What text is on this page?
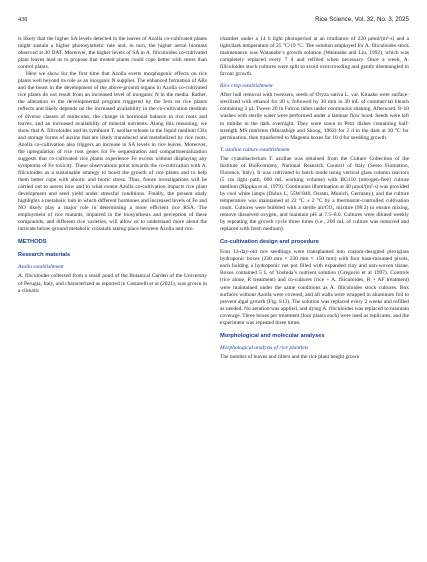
438	Rice Science, Vol. 32, No. 3, 2025

is likely that the higher SA levels detected in the leaves of Azolla co-cultivated plants might sustain a higher photosynthetic rate and, in turn, the higher aerial biomass observed at 30 DAT. Moreover, the higher levels of SA in A. filiculoides co-cultivated plant leaves lead us to propose that treated plants could cope better with stress than control plants.

Here we show for the first time that Azolla exerts morphogenic effects on rice plants well beyond its role as an inorganic N supplier. The enhanced formation of ARs and the boost in the development of the above-ground organs in Azolla co-cultivated rice plants do not result from an increased level of inorganic N in the media. Rather, the alteration in the developmental program triggered by the fern on rice plants reflects and likely depends on the increased availability in the co-cultivation medium of diverse classes of molecules, the change in hormonal balance in rice roots and leaves, and an increased availability of mineral nutrients. Along this reasoning, we show that A. filiculoides and its symbiont T. azollae release in the liquid medium CKs and storage forms of auxins that are likely transduced and metabolized by rice roots. Azolla co-cultivation also triggers an increase in SA levels in rice leaves. Moreover, the upregulation of rice root genes for Fe sequestration and compartmentalization suggests that co-cultivated rice plants experience Fe excess without displaying any symptoms of Fe toxicity. These observations point towards the co-cultivation with A. filiculoides as a sustainable strategy to boost the growth of rice plants and to help them better cope with abiotic and biotic stress. Thus, future investigations will be carried out to assess how and to what extent Azolla co-cultivation impacts rice plant development and seed yield under stressful conditions. Finally, the present study highlights a metabolic hub in which different hormones and increased levels of Fe and NO likely play a major role in determining a more efficient rice RSA. The employment of rice mutants, impaired in the biosynthesis and perception of these compounds, and different rice varieties, will allow us to understand more about the intricate below-ground metabolic crosstalk taking place between Azolla and rice.

METHODS
Research materials
Azolla establishment

A. filiculoides collected from a small pond of the Botanical Garden of the University of Perugia, Italy, and characterized as reported in Costarelli et al (2021), was grown in a climatic

chamber under a 14 h light photoperiod at an irradiance of 220 μmol/(m²·s) and a light/dark temperature of 25 °C/19 °C. The solution employed for A. filiculoides stock maintenance was Watanabe’s growth solution (Watanabe and Liu, 1992), which was completely replaced every 7 d and refilled when necessary. Once a week, A. filiculoides stock cultures were split to avoid overcrowding and gently disentangled to favour growth.

Rice crop establishment

After hull removal with tweezers, seeds of Oryza sativa L. var. Kitaake were surface-sterilized with ethanol for 30 s, followed by 30 min in 30 mL of commercial bleach containing 2 μL Tween 20 in Falcon tubes under continuous shaking. Afterward, 8–10 washes with sterile water were performed under a laminar flow hood. Seeds were left to imbibe in the dark overnight. They were sown in Petri dishes containing half-strength MS nutrients (Murashige and Skoog, 1962) for 2 d in the dark at 30 °C for germination, then transferred to Magenta boxes for 10 d for seedling growth.

T. azollae culture establishment

The cyanobacterium T. azollae was obtained from the Culture Collection of the Institute of BioEconomy, National Research Council of Italy (Sesto Fiorentino, Florence, Italy). It was cultivated in batch mode using vertical glass column reactors (5 cm light path, 600 mL working volume) with BG110 (nitrogen-free) culture medium (Rippka et al, 1979). Continuous illumination at 40 μmol/(m²·s) was provided by cool white lamps (Dulux L, 55W/840, Osram, Munich, Germany), and the culture temperature was maintained at 22 °C ± 2 °C by a thermostat-controlled cultivation room. Cultures were bubbled with a sterile air/CO₂ mixture (98:2) to ensure mixing, remove dissolved oxygen, and maintain pH at 7.5–8.0. Cultures were diluted weekly by repeating the growth cycle three times (i.e., 200 mL of culture was removed and replaced with fresh medium).

Co-cultivation design and procedure

Four 13-day-old rice seedlings were transplanted into custom-designed plexiglass hydroponic boxes (230 mm × 230 mm × 150 mm) with four base-mounted pivots, each holding a hydroponic net pot filled with expanded clay and non-woven tissue. Boxes contained 5 L of Yoshida’s nutrient solution (Gregorio et al 1997). Controls (rice alone, R treatment) and co-cultures (rice + A. filiculoides, R + AF treatment) were maintained under the same conditions as A. filiculoides stock cultures. Box surfaces without Azolla were covered, and all walls were wrapped in aluminum foil to prevent algal growth (Fig. S13). The solution was replaced every 2 weeks and refilled as needed. No aeration was applied, and dying A. filiculoides was replaced to maintain coverage. Three boxes per treatment (four plants each) were used as replicates, and the experiment was repeated three times.

Morphological and molecular analyses
Morphological analysis of rice plantlets

The number of leaves and tillers and the rice plant height grown
